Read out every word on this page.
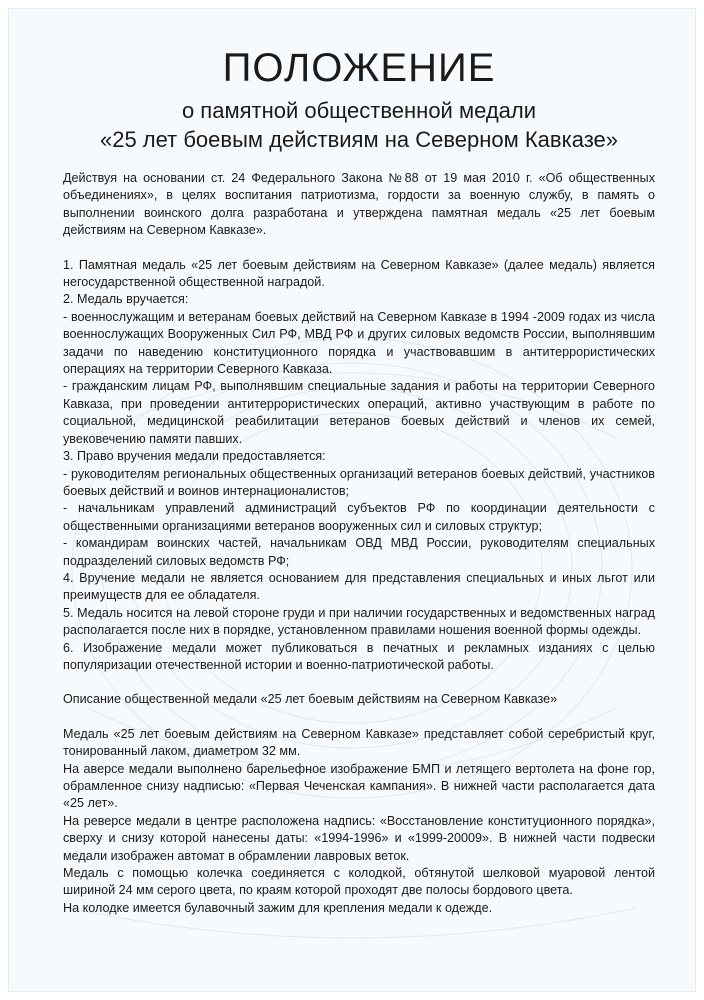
ПОЛОЖЕНИЕ
о памятной общественной медали
«25 лет боевым действиям на Северном Кавказе»

Действуя на основании ст. 24 Федерального Закона №88 от 19 мая 2010 г. «Об общественных объединениях», в целях воспитания патриотизма, гордости за военную службу, в память о выполнении воинского долга разработана и утверждена памятная медаль «25 лет боевым действиям на Северном Кавказе».

1. Памятная медаль «25 лет боевым действиям на Северном Кавказе» (далее медаль) является негосударственной общественной наградой.

2. Медаль вручается:

- военнослужащим и ветеранам боевых действий на Северном Кавказе в 1994 -2009 годах из числа военнослужащих Вооруженных Сил РФ, МВД РФ и других силовых ведомств России, выполнявшим задачи по наведению конституционного порядка и участвовавшим в антитеррористических операциях на территории Северного Кавказа.

- гражданским лицам РФ, выполнявшим специальные задания и работы на территории Северного Кавказа, при проведении антитеррористических операций, активно участвующим в работе по социальной, медицинской реабилитации ветеранов боевых действий и членов их семей, увековечению памяти павших.

3. Право вручения медали предоставляется:

- руководителям региональных общественных организаций ветеранов боевых действий, участников боевых действий и воинов интернационалистов;

- начальникам управлений администраций субъектов РФ по координации деятельности с общественными организациями ветеранов вооруженных сил и силовых структур;

- командирам воинских частей, начальникам ОВД МВД России, руководителям специальных подразделений силовых ведомств РФ;

4. Вручение медали не является основанием для представления специальных и иных льгот или преимуществ для ее обладателя.

5. Медаль носится на левой стороне груди и при наличии государственных и ведомственных наград располагается после них в порядке, установленном правилами ношения военной формы одежды.

6. Изображение медали может публиковаться в печатных и рекламных изданиях с целью популяризации отечественной истории и военно-патриотической работы.

Описание общественной медали «25 лет боевым действиям на Северном Кавказе»

Медаль «25 лет боевым действиям на Северном Кавказе» представляет собой серебристый круг, тонированный лаком, диаметром 32 мм.

На аверсе медали выполнено барельефное изображение БМП и летящего вертолета на фоне гор, обрамленное снизу надписью: «Первая Чеченская кампания». В нижней части располагается дата «25 лет».

На реверсе медали в центре расположена надпись: «Восстановление конституционного порядка», сверху и снизу которой нанесены даты: «1994-1996» и «1999-20009». В нижней части подвески медали изображен автомат в обрамлении лавровых веток.

Медаль с помощью колечка соединяется с колодкой, обтянутой шелковой муаровой лентой шириной 24 мм серого цвета, по краям которой проходят две полосы бордового цвета.

На колодке имеется булавочный зажим для крепления медали к одежде.
